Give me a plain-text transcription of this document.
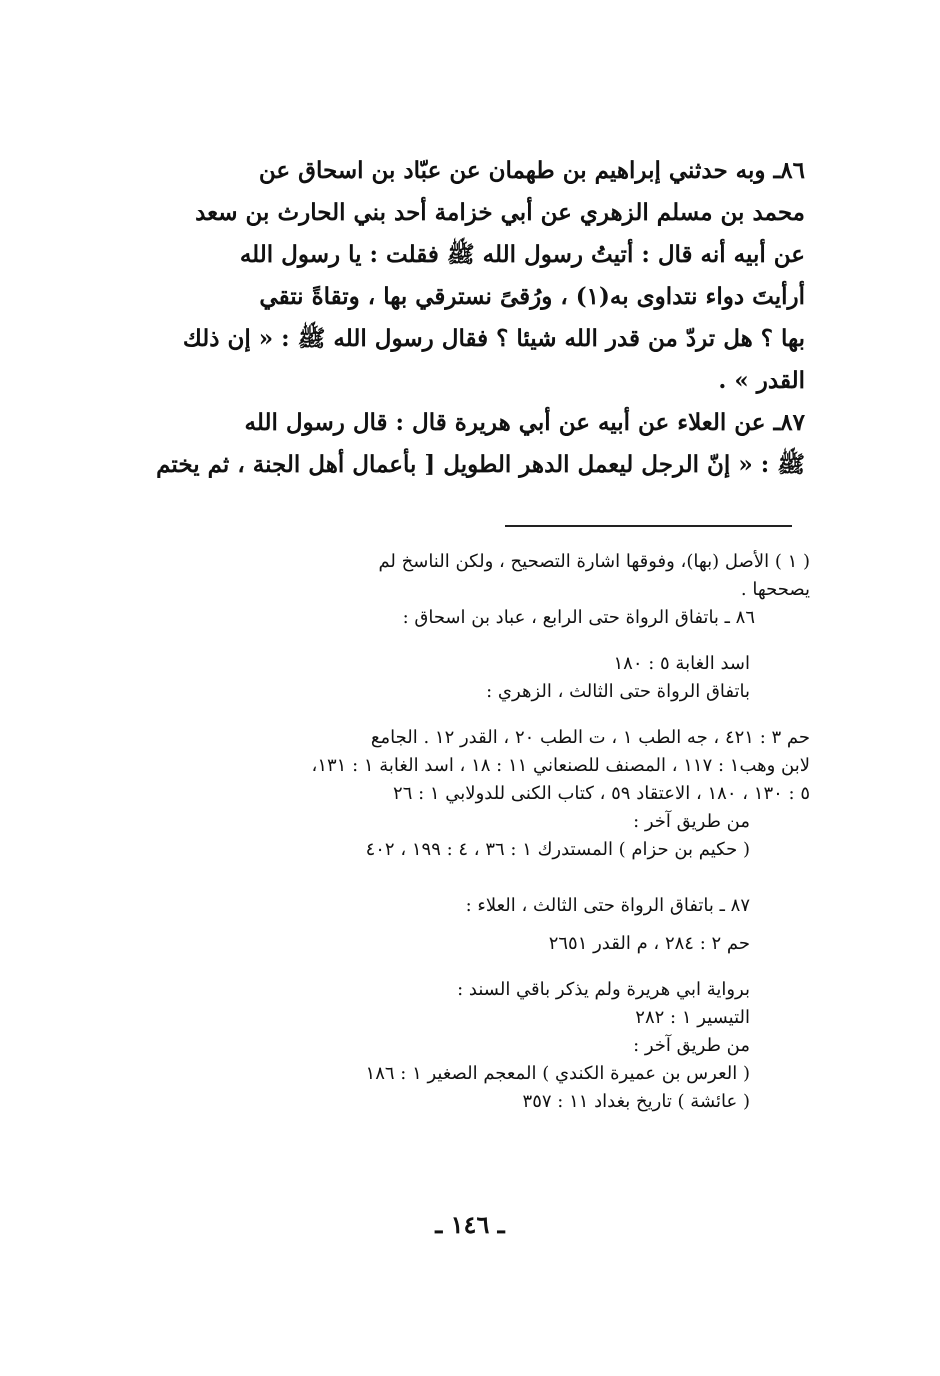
٨٦ـ وبه حدثني إبراهيم بن طهمان عن عبّاد بن اسحاق عن
محمد بن مسلم الزهري عن أبي خزامة أحد بني الحارث بن سعد
عن أبيه أنه قال : أتيتُ رسول الله ﷺ فقلت : يا رسول الله
أرأيتَ دواء نتداوى به(١) ، ورُقىً نسترقي بها ، وتقاةً نتقي
بها ؟ هل تردّ من قدر الله شيئا ؟ فقال رسول الله ﷺ : « إن ذلك
القدر » .
٨٧ـ عن العلاء عن أبيه عن أبي هريرة قال : قال رسول الله
ﷺ : « إنّ الرجل ليعمل الدهر الطويل [ بأعمال أهل الجنة ، ثم يختم
( ١ ) الأصل (بها)، وفوقها اشارة التصحيح ، ولكن الناسخ لم
يصححها .
٨٦ ـ باتفاق الرواة حتى الرابع ، عباد بن اسحاق :
اسد الغابة ٥ : ١٨٠
باتفاق الرواة حتى الثالث ، الزهري :
حم ٣ : ٤٢١ ، جه الطب ١ ، ت الطب ٢٠ ، القدر ١٢ . الجامع
لابن وهب١ : ١١٧ ، المصنف للصنعاني ١١ : ١٨ ، اسد الغابة ١ : ١٣١،
٥ : ١٣٠ ، ١٨٠ ، الاعتقاد ٥٩ ، كتاب الكنى للدولابي ١ : ٢٦
من طريق آخر :
( حكيم بن حزام ) المستدرك ١ : ٣٦ ، ٤ : ١٩٩ ، ٤٠٢
٨٧ ـ باتفاق الرواة حتى الثالث ، العلاء :
حم ٢ : ٢٨٤ ، م القدر ٢٦٥١
برواية ابي هريرة ولم يذكر باقي السند :
التيسير ١ : ٢٨٢
من طريق آخر :
( العرس بن عميرة الكندي ) المعجم الصغير ١ : ١٨٦
( عائشة ) تاريخ بغداد ١١ : ٣٥٧
ـ ١٤٦ ـ
